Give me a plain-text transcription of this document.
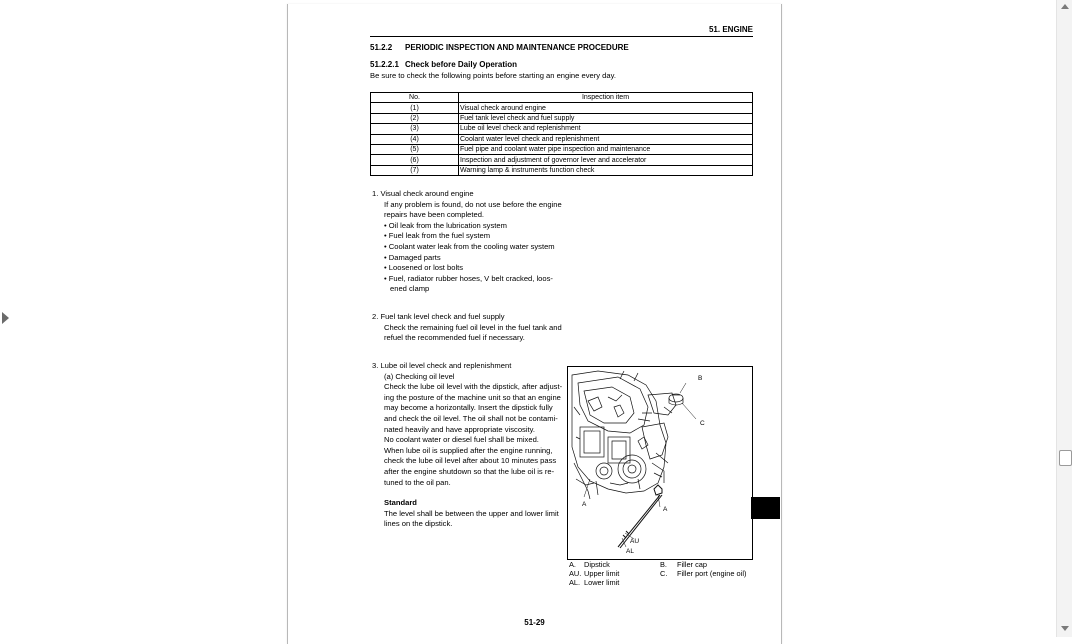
51. ENGINE
51.2.2 PERIODIC INSPECTION AND MAINTENANCE PROCEDURE
51.2.2.1 Check before Daily Operation
Be sure to check the following points before starting an engine every day.
No.	Inspection item
(1)	Visual check around engine
(2)	Fuel tank level check and fuel supply
(3)	Lube oil level check and replenishment
(4)	Coolant water level check and replenishment
(5)	Fuel pipe and coolant water pipe inspection and maintenance
(6)	Inspection and adjustment of governor lever and accelerator
(7)	Warning lamp & instruments function check
1. Visual check around engine
If any problem is found, do not use before the engine
repairs have been completed.
• Oil leak from the lubrication system
• Fuel leak from the fuel system
• Coolant water leak from the cooling water system
• Damaged parts
• Loosened or lost bolts
• Fuel, radiator rubber hoses, V belt cracked, loos-
ened clamp
2. Fuel tank level check and fuel supply
Check the remaining fuel oil level in the fuel tank and
refuel the recommended fuel if necessary.
3. Lube oil level check and replenishment
(a) Checking oil level
Check the lube oil level with the dipstick, after adjust-
ing the posture of the machine unit so that an engine
may become a horizontally. Insert the dipstick fully
and check the oil level. The oil shall not be contami-
nated heavily and have appropriate viscosity.
No coolant water or diesel fuel shall be mixed.
When lube oil is supplied after the engine running,
check the lube oil level after about 10 minutes pass
after the engine shutdown so that the lube oil is re-
tuned to the oil pan.
Standard
The level shall be between the upper and lower limit
lines on the dipstick.
B
C
A
A
AU
AL
A. Dipstick	B. Filler cap
AU. Upper limit	C. Filler port (engine oil)
AL. Lower limit
51-29
